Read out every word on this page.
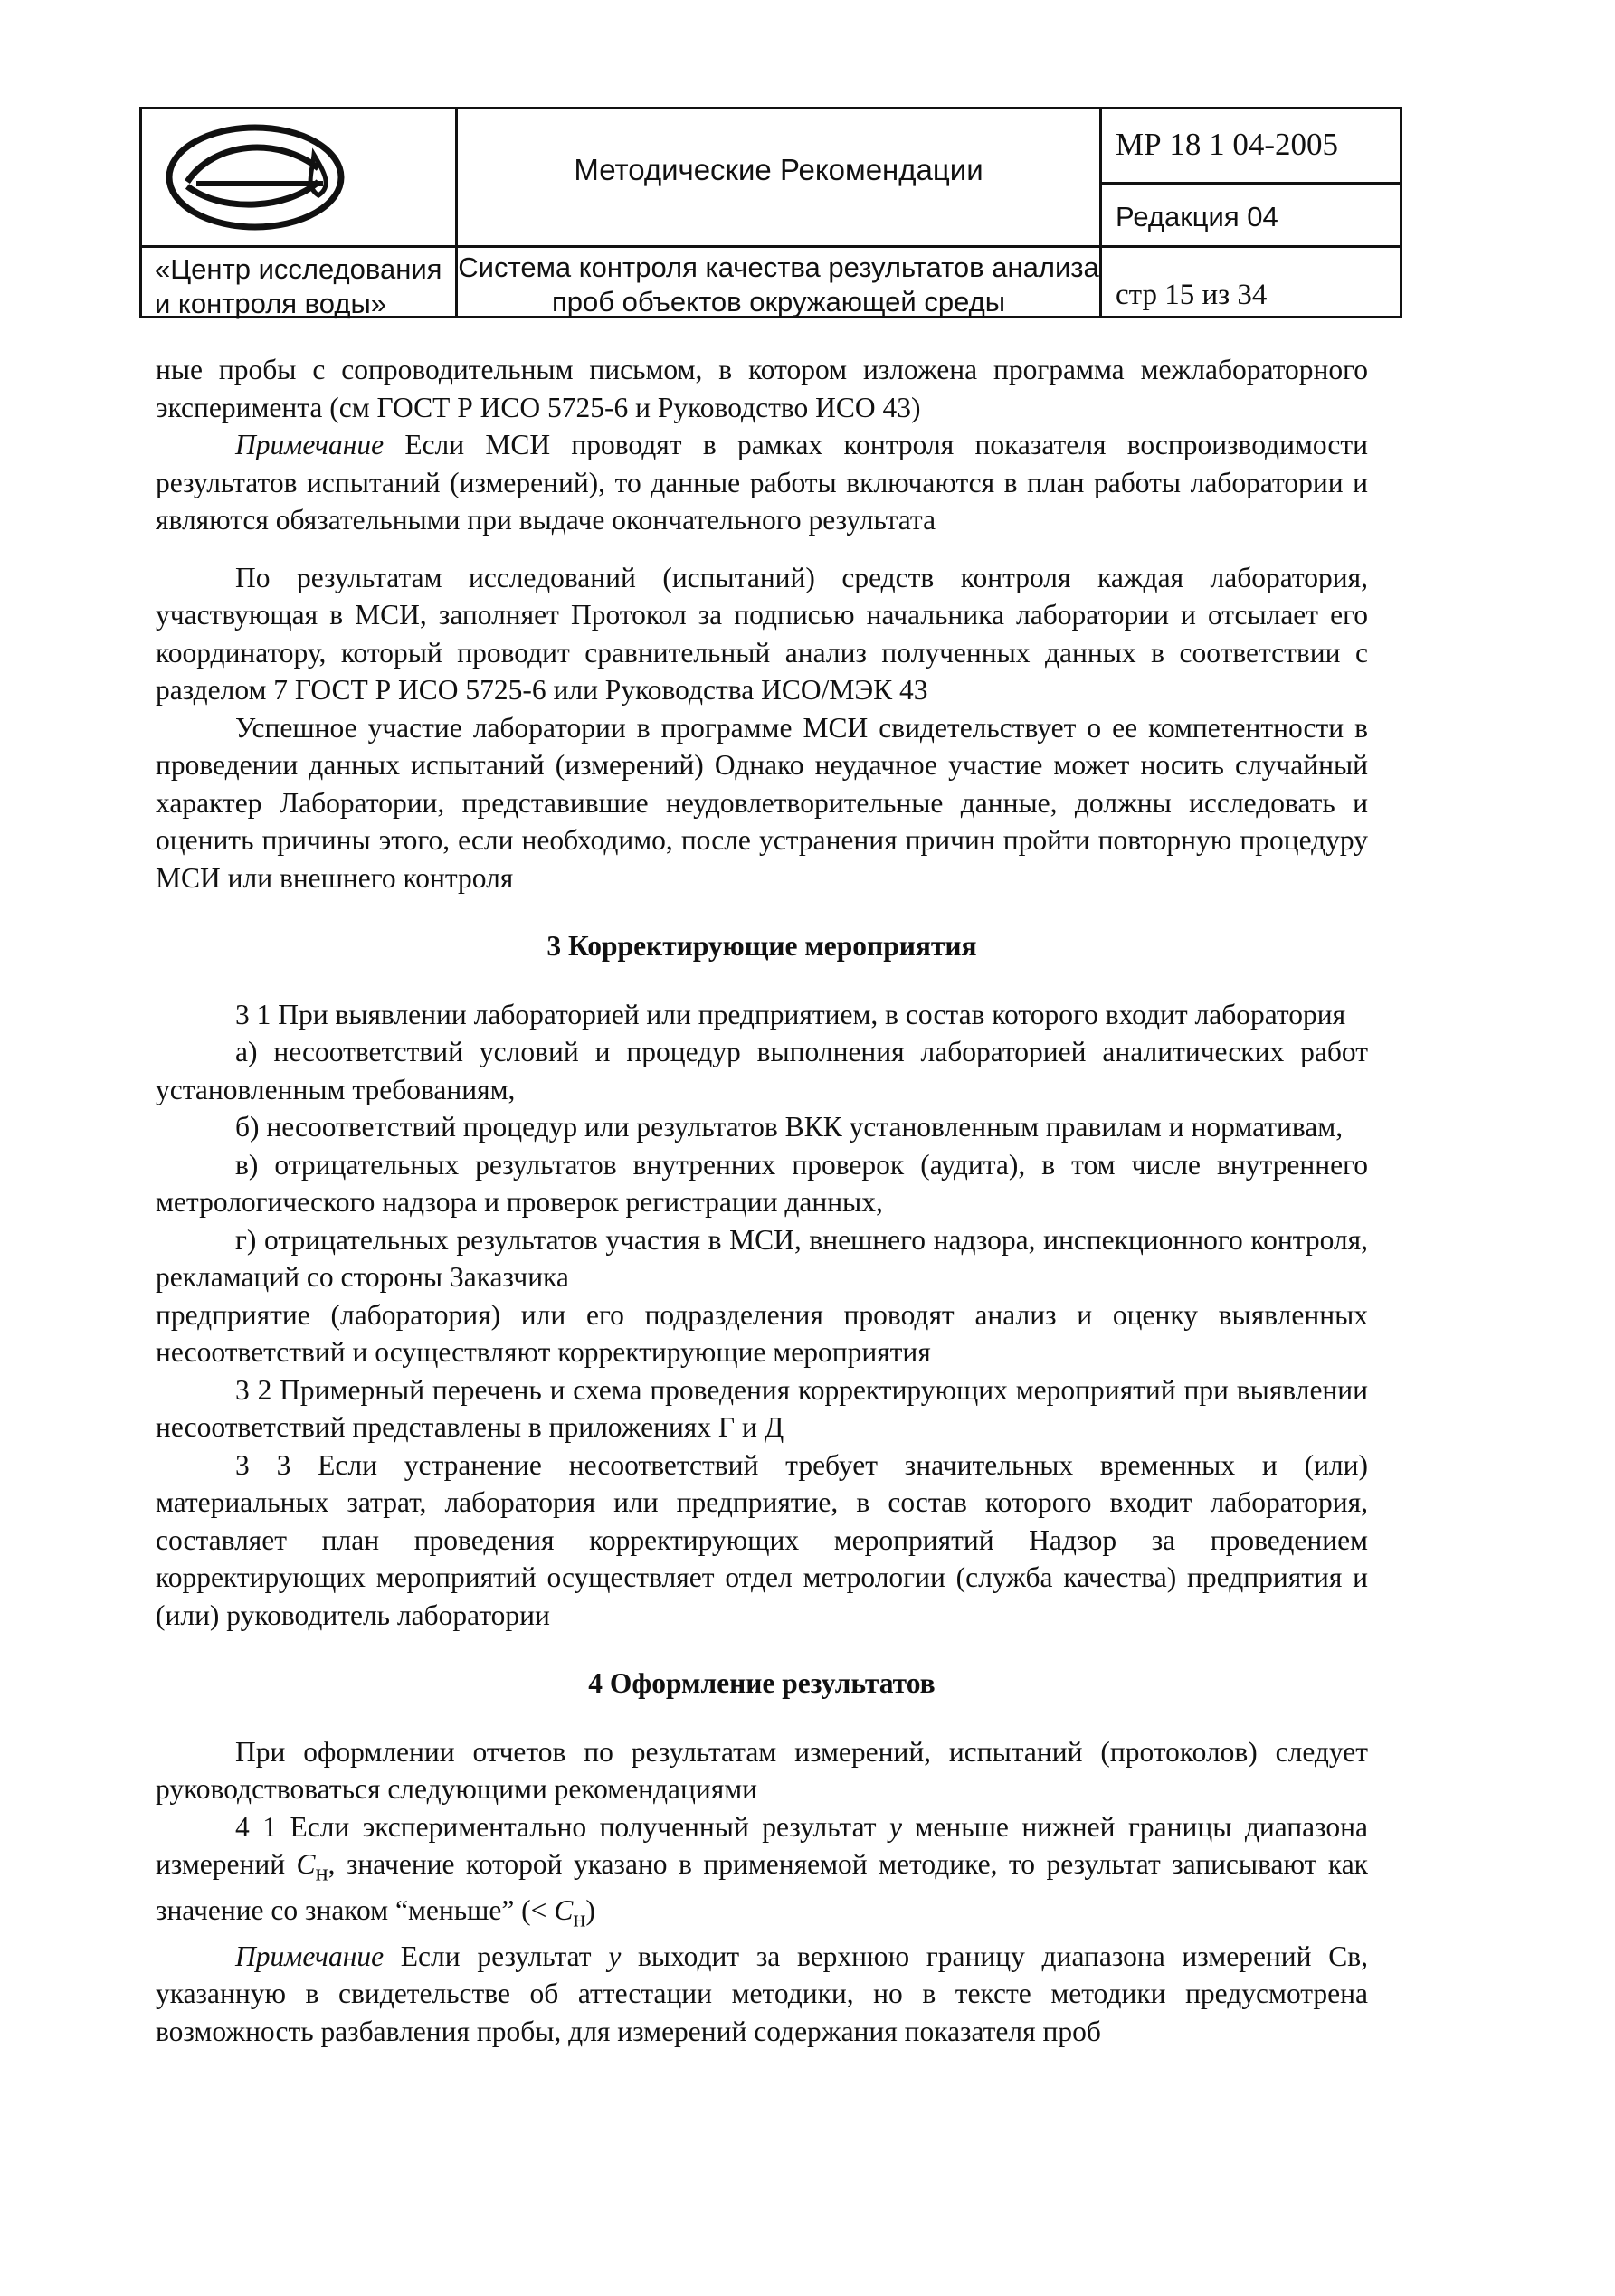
«Центр исследования
и контроля воды»
Методические Рекомендации
Система контроля качества результатов анализа
проб объектов окружающей среды
МР 18 1 04-2005
Редакция 04
стр 15 из 34

ные пробы с сопроводительным письмом, в котором изложена программа межлабораторного эксперимента (см ГОСТ Р ИСО 5725-6 и Руководство ИСО 43)

Примечание Если МСИ проводят в рамках контроля показателя воспроизводимости результатов испытаний (измерений), то данные работы включаются в план работы лаборатории и являются обязательными при выдаче окончательного результата

По результатам исследований (испытаний) средств контроля каждая лаборатория, участвующая в МСИ, заполняет Протокол за подписью начальника лаборатории и отсылает его координатору, который проводит сравнительный анализ полученных данных в соответствии с разделом 7 ГОСТ Р ИСО 5725-6 или Руководства ИСО/МЭК 43

Успешное участие лаборатории в программе МСИ свидетельствует о ее компетентности в проведении данных испытаний (измерений) Однако неудачное участие может носить случайный характер Лаборатории, представившие неудовлетворительные данные, должны исследовать и оценить причины этого, если необходимо, после устранения причин пройти повторную процедуру МСИ или внешнего контроля

3 Корректирующие мероприятия

3 1 При выявлении лабораторией или предприятием, в состав которого входит лаборатория

а) несоответствий условий и процедур выполнения лабораторией аналитических работ установленным требованиям,

б) несоответствий процедур или результатов ВКК установленным правилам и нормативам,

в) отрицательных результатов внутренних проверок (аудита), в том числе внутреннего метрологического надзора и проверок регистрации данных,

г) отрицательных результатов участия в МСИ, внешнего надзора, инспекционного контроля, рекламаций со стороны Заказчика

предприятие (лаборатория) или его подразделения проводят анализ и оценку выявленных несоответствий и осуществляют корректирующие мероприятия

3 2 Примерный перечень и схема проведения корректирующих мероприятий при выявлении несоответствий представлены в приложениях Г и Д

3 3 Если устранение несоответствий требует значительных временных и (или) материальных затрат, лаборатория или предприятие, в состав которого входит лаборатория, составляет план проведения корректирующих мероприятий Надзор за проведением корректирующих мероприятий осуществляет отдел метрологии (служба качества) предприятия и (или) руководитель лаборатории

4 Оформление результатов

При оформлении отчетов по результатам измерений, испытаний (протоколов) следует руководствоваться следующими рекомендациями

4 1 Если экспериментально полученный результат у меньше нижней границы диапазона измерений $С_н$, значение которой указано в применяемой методике, то результат записывают как значение со знаком “меньше” (< $С_н$)

Примечание Если результат у выходит за верхнюю границу диапазона измерений Св, указанную в свидетельстве об аттестации методики, но в тексте методики предусмотрена возможность разбавления пробы, для измерений содержания показателя проб
